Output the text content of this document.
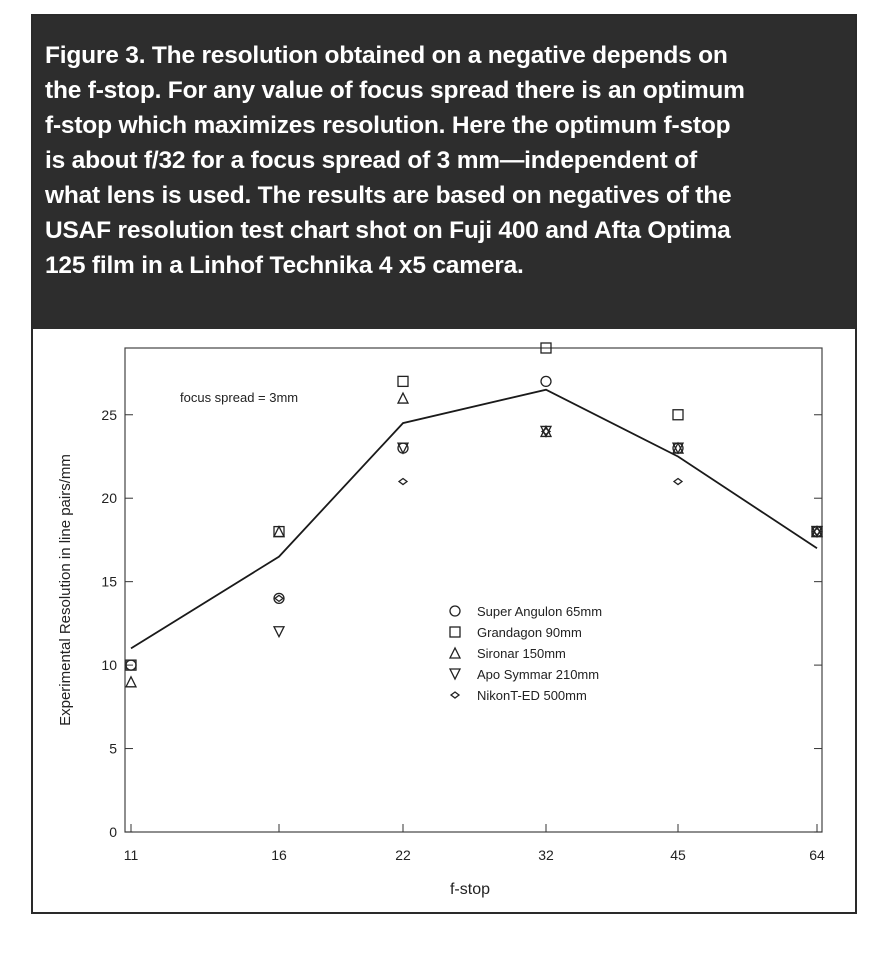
Figure 3. The resolution obtained on a negative depends on
the f-stop. For any value of focus spread there is an optimum
f-stop which maximizes resolution. Here the optimum f-stop
is about f/32 for a focus spread of 3 mm—independent of
what lens is used. The results are based on negatives of the
USAF resolution test chart shot on Fuji 400 and Afta Optima
125 film in a Linhof Technika 4 x5 camera.
11	16	22	32	45	64
0
5
10
15
20
25
focus spread = 3mm
Super Angulon 65mm
Grandagon 90mm
Sironar 150mm
Apo Symmar 210mm
NikonT-ED 500mm
f-stop
Experimental Resolution in line pairs/mm
